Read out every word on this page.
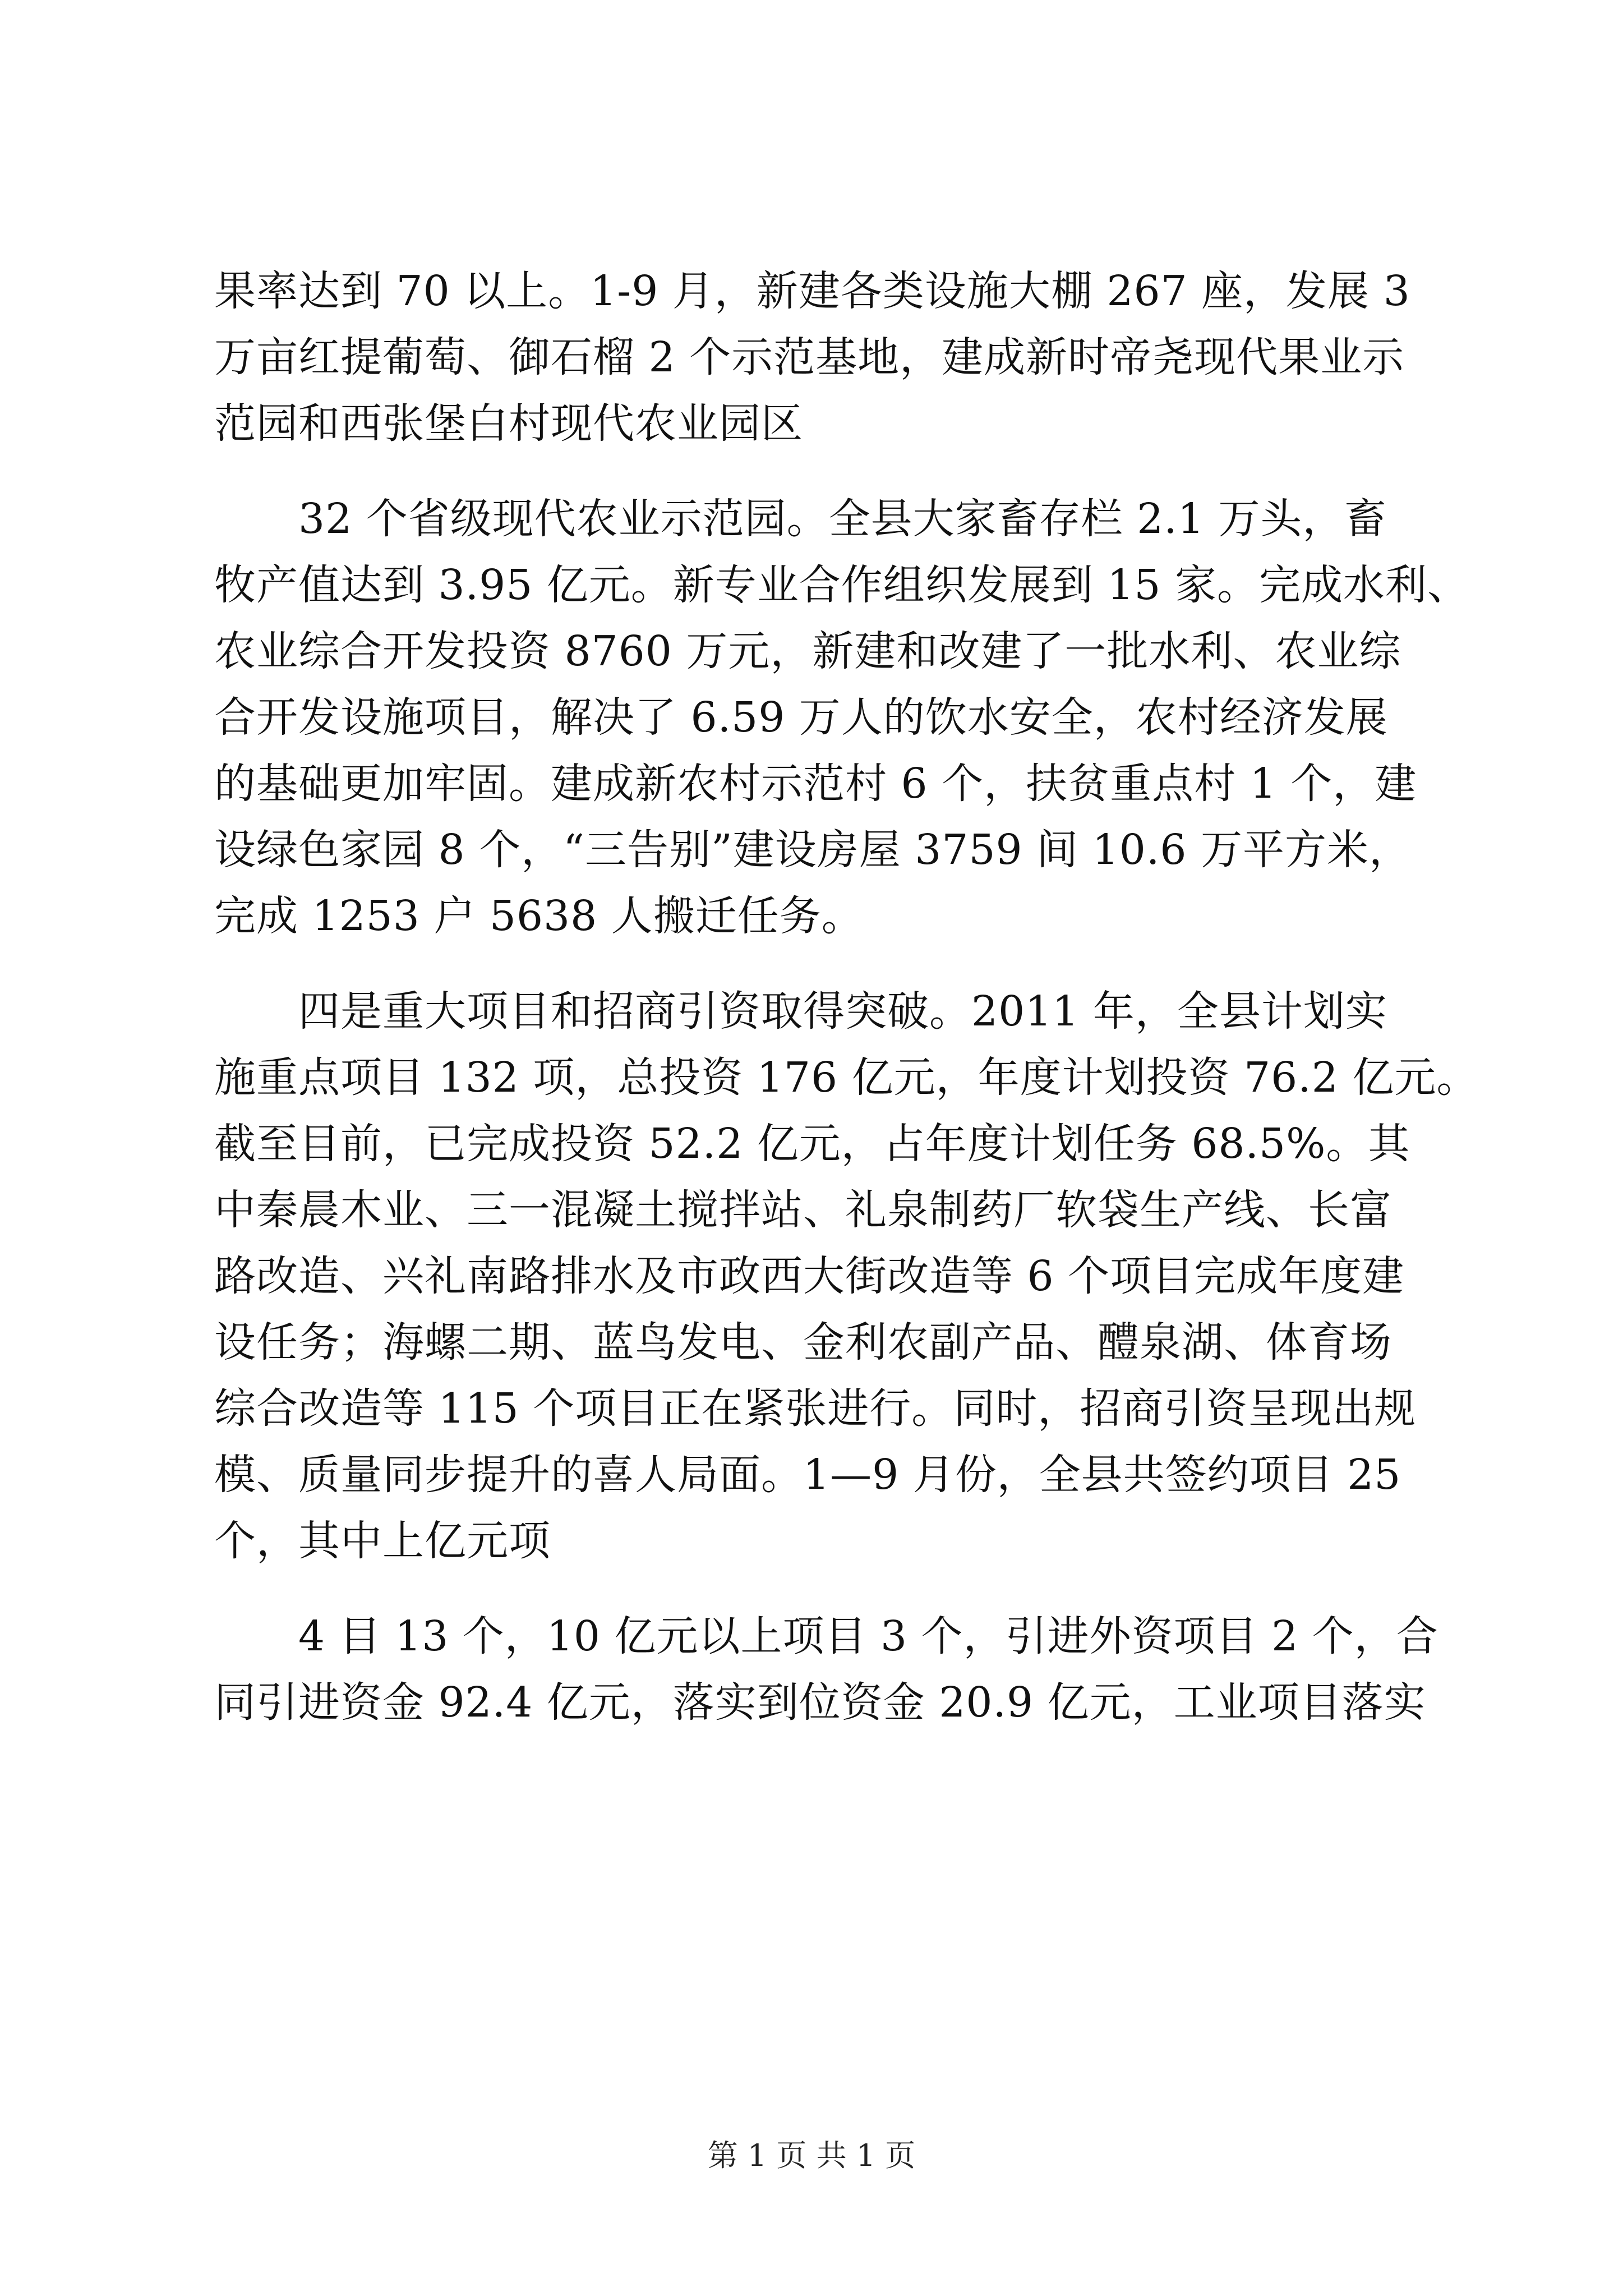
果率达到 70 以上。1-9 月，新建各类设施大棚 267 座，发展 3
万亩红提葡萄、御石榴 2 个示范基地，建成新时帝尧现代果业示
范园和西张堡白村现代农业园区
32 个省级现代农业示范园。全县大家畜存栏 2.1 万头，畜
牧产值达到 3.95 亿元。新专业合作组织发展到 15 家。完成水利、
农业综合开发投资 8760 万元，新建和改建了一批水利、农业综
合开发设施项目，解决了 6.59 万人的饮水安全，农村经济发展
的基础更加牢固。建成新农村示范村 6 个，扶贫重点村 1 个，建
设绿色家园 8 个，“三告别”建设房屋 3759 间 10.6 万平方米，
完成 1253 户 5638 人搬迁任务。
四是重大项目和招商引资取得突破。2011 年，全县计划实
施重点项目 132 项，总投资 176 亿元，年度计划投资 76.2 亿元。
截至目前，已完成投资 52.2 亿元，占年度计划任务 68.5%。其
中秦晨木业、三一混凝土搅拌站、礼泉制药厂软袋生产线、长富
路改造、兴礼南路排水及市政西大街改造等 6 个项目完成年度建
设任务；海螺二期、蓝鸟发电、金利农副产品、醴泉湖、体育场
综合改造等 115 个项目正在紧张进行。同时，招商引资呈现出规
模、质量同步提升的喜人局面。1—9 月份，全县共签约项目 25
个，其中上亿元项
4 目 13 个，10 亿元以上项目 3 个，引进外资项目 2 个，合
同引进资金 92.4 亿元，落实到位资金 20.9 亿元，工业项目落实
第 1 页 共 1 页
